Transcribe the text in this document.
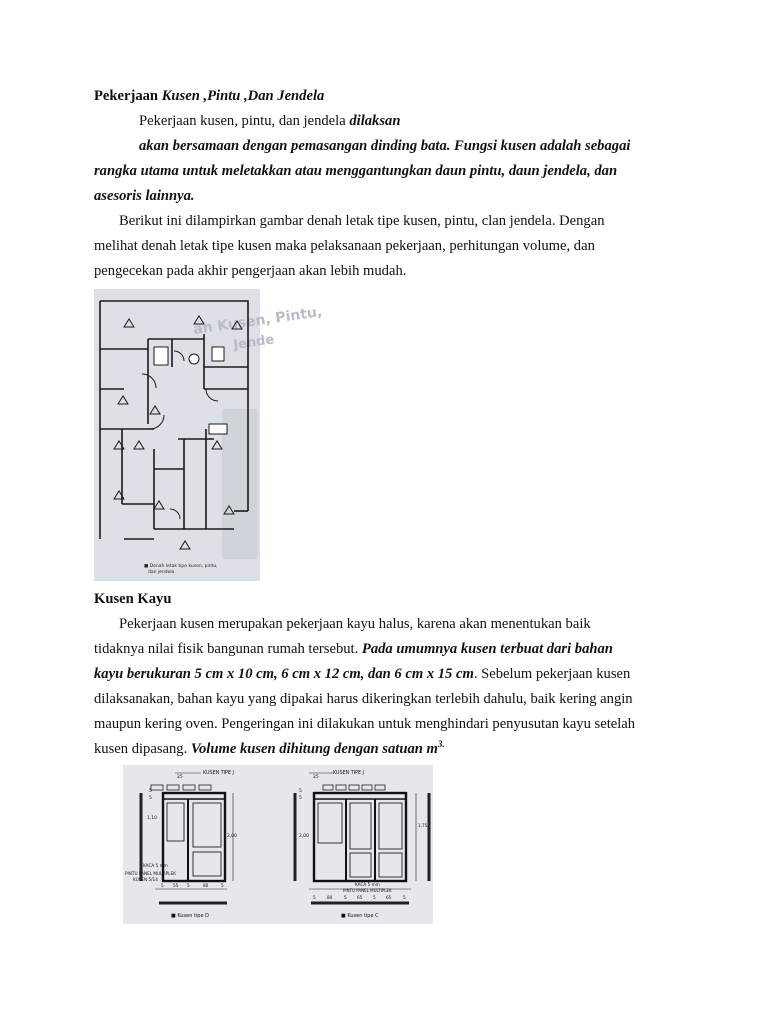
Pekerjaan Kusen ,Pintu ,Dan Jendela
Pekerjaan kusen, pintu, dan jendela dilaksan
akan bersamaan dengan pemasangan dinding bata. Fungsi kusen adalah sebagai
rangka utama untuk meletakkan atau menggantungkan daun pintu, daun jendela, dan
asesoris lainnya.
Berikut ini dilampirkan gambar denah letak tipe kusen, pintu, clan jendela. Dengan
melihat denah letak tipe kusen maka pelaksanaan pekerjaan, perhitungan volume, dan
pengecekan pada akhir pengerjaan akan lebih mudah.
an Kusen, Pintu,
Jende
■ Denah letak tipe kusen, pintu,
dan jendela
Kusen Kayu
Pekerjaan kusen merupakan pekerjaan kayu halus, karena akan menentukan baik
tidaknya nilai fisik bangunan rumah tersebut. Pada umumnya kusen terbuat dari bahan
kayu berukuran 5 cm x 10 cm, 6 cm x 12 cm, dan 6 cm x 15 cm. Sebelum pekerjaan kusen
dilaksanakan, bahan kayu yang dipakai harus dikeringkan terlebih dahulu, baik kering angin
maupun kering oven. Pengeringan ini dilakukan untuk menghindari penyusutan kayu setelah
kusen dipasang. Volume kusen dihitung dengan satuan $m^{3.}$
25
5
5
1,10
2,00
KUSEN TIPE J
KACA 5 mm
PINTU PANEL MULTIPLEK
KUSEN 5/14
5 55 5	80	5
■ Kusen tipe D
25
5
5
2,00
1,75
KUSEN TIPE J
KACA 5 mm
PINTU PANEL MULTIPLEK
5	80	5 65	5 65	5
■ Kusen tipe C
